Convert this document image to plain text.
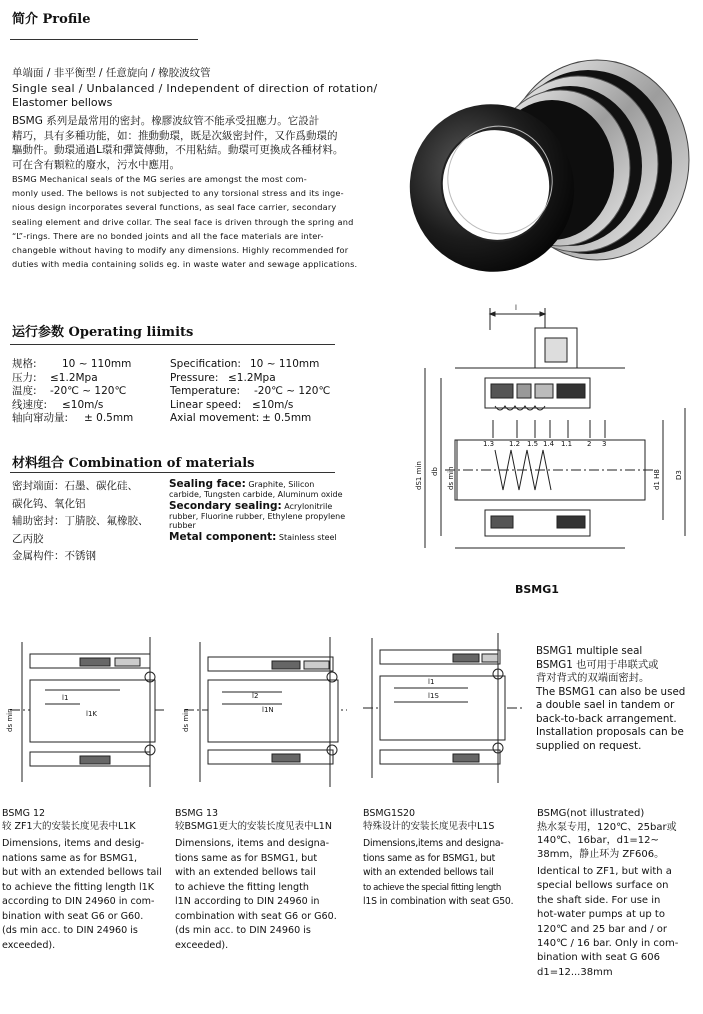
简介 Profile
单端面 / 非平衡型 / 任意旋向 / 橡胶波纹管
Single seal / Unbalanced / Independent of direction of rotation/
Elastomer bellows
BSMG 系列是最常用的密封。橡膠波紋管不能承受扭應力。它設計
精巧，具有多種功能，如：推動動環，既是次級密封件，又作爲動環的
驅動件。動環通過L環和彈簧傳動，不用粘結。動環可更換成各種材料。
可在含有顆粒的廢水，污水中應用。
BSMG Mechanical seals of the MG series are amongst the most com-
monly used. The bellows is not subjected to any torsional stress and its inge-
nious design incorporates several functions, as seal face carrier, secondary
sealing element and drive collar. The seal face is driven through the spring and
“L”-rings. There are no bonded joints and all the face materials are inter-
changeble without having to modify any dimensions. Highly recommended for
duties with media containing solids eg. in waste water and sewage applications.
运行参数 Operating liimits
规格:	10 ~ 110mm
压力:	≤1.2Mpa
温度:	-20℃ ~ 120℃
线速度:	≤10m/s
轴向窜动量:	± 0.5mm
Specification: 10 ~ 110mm
Pressure: ≤1.2Mpa
Temperature:	-20℃ ~ 120℃
Linear speed:	≤10m/s
Axial movement: ± 0.5mm
材料组合 Combination of materials
密封端面：石墨、碳化硅、
碳化钨、氧化铝
辅助密封：丁腈胶、氟橡胶、
乙丙胶
金属构件：不锈钢
Sealing face: Graphite, Silicon carbide, Tungsten carbide, Aluminum oxide
Secondary sealing: Acrylonitrile rubber, Fluorine rubber, Ethylene propylene rubber
Metal component: Stainless steel
l
1.3 1.2 1.5 1.4 1.1 2 3
dS1 min db ds min	d1 H8 D3
BSMG1
ds min
l1
l1K	ds min
l2
l1N
l1
l1S
BSMG1 multiple seal
BSMG1 也可用于串联式或
背对背式的双端面密封。
The BSMG1 can also be used
a double sael in tandem or
back-to-back arrangement.
Installation proposals can be
supplied on request.
BSMG 12
较 ZF1大的安装长度见表中L1K
Dimensions, items and desig-
nations same as for BSMG1,
but with an extended bellows tail
to achieve the fitting length l1K
according to DIN 24960 in com-
bination with seat G6 or G60.
(ds min acc. to DIN 24960 is
exceeded).
BSMG 13
较BSMG1更大的安装长度见表中L1N
Dimensions, items and designa-
tions same as for BSMG1, but
with an extended bellows tail
to achieve the fitting length
l1N according to DIN 24960 in
combination with seat G6 or G60.
(ds min acc. to DIN 24960 is
exceeded).
BSMG1S20
特殊设计的安装长度见表中L1S
Dimensions,items and designa-
tions same as for BSMG1, but
with an extended bellows tail
to achieve the special fitting length
l1S in combination with seat G50.
BSMG(not illustrated)
热水泵专用，120℃、25bar或
140℃、16bar，d1=12~
38mm，静止环为 ZF606。
Identical to ZF1, but with a
special bellows surface on
the shaft side. For use in
hot-water pumps at up to
120℃ and 25 bar and / or
140℃ / 16 bar. Only in com-
bination with seat G 606
d1=12...38mm
